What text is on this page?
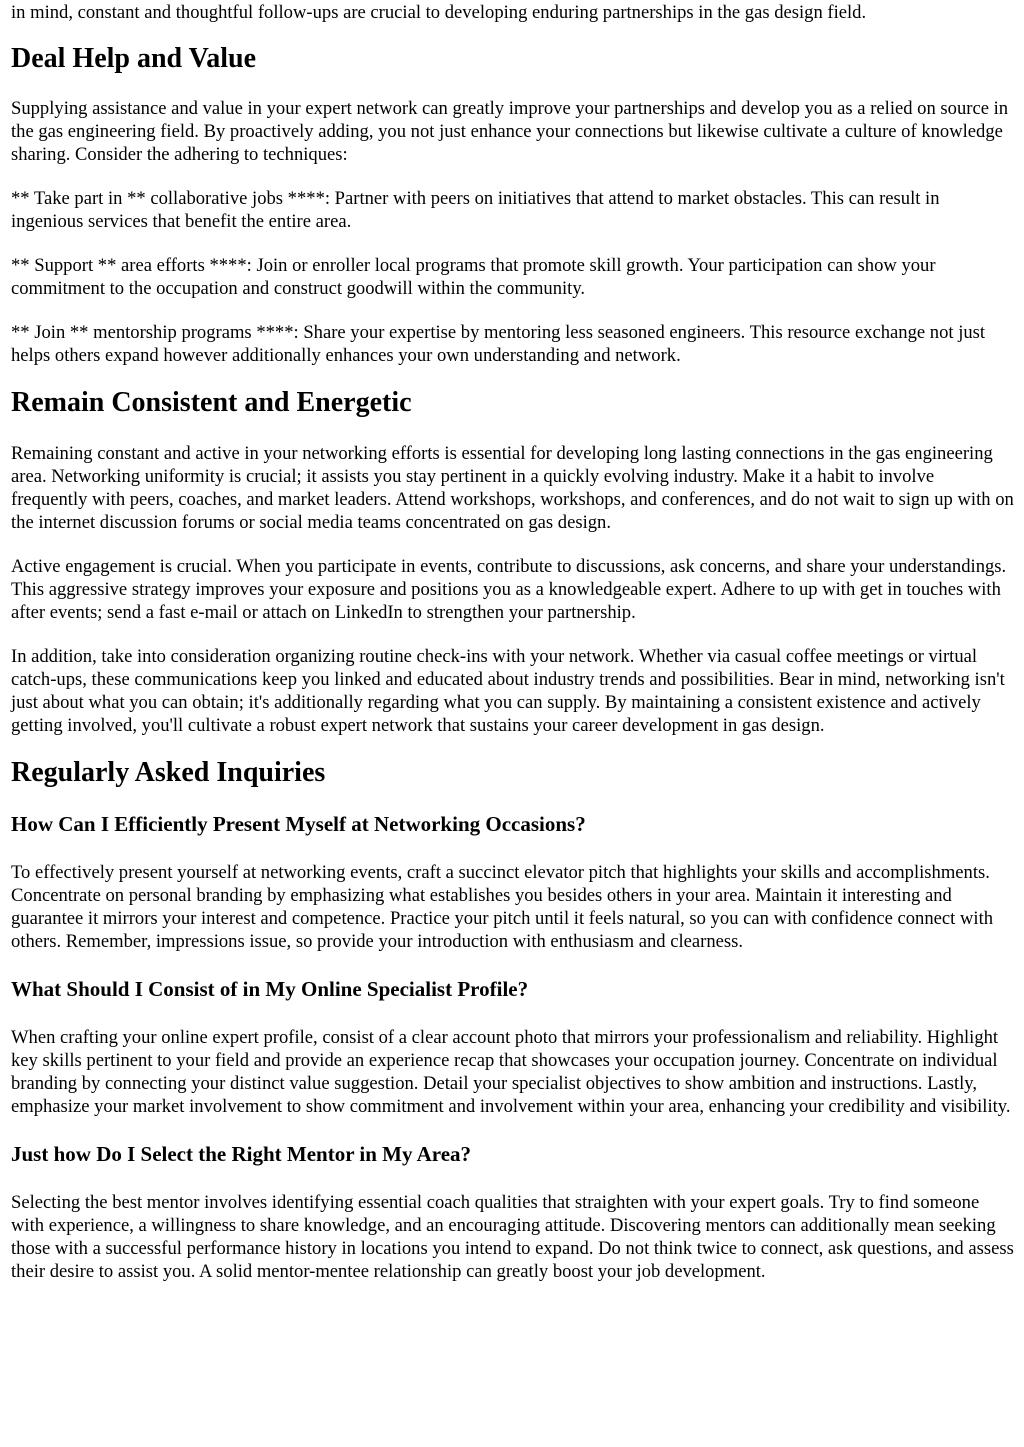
in mind, constant and thoughtful follow-ups are crucial to developing enduring partnerships in the gas design field.

Deal Help and Value

Supplying assistance and value in your expert network can greatly improve your partnerships and develop you as a relied on source in the gas engineering field. By proactively adding, you not just enhance your connections but likewise cultivate a culture of knowledge sharing. Consider the adhering to techniques:

** Take part in ** collaborative jobs ****: Partner with peers on initiatives that attend to market obstacles. This can result in ingenious services that benefit the entire area.

** Support ** area efforts ****: Join or enroller local programs that promote skill growth. Your participation can show your commitment to the occupation and construct goodwill within the community.

** Join ** mentorship programs ****: Share your expertise by mentoring less seasoned engineers. This resource exchange not just helps others expand however additionally enhances your own understanding and network.

Remain Consistent and Energetic

Remaining constant and active in your networking efforts is essential for developing long lasting connections in the gas engineering area. Networking uniformity is crucial; it assists you stay pertinent in a quickly evolving industry. Make it a habit to involve frequently with peers, coaches, and market leaders. Attend workshops, workshops, and conferences, and do not wait to sign up with on the internet discussion forums or social media teams concentrated on gas design.

Active engagement is crucial. When you participate in events, contribute to discussions, ask concerns, and share your understandings. This aggressive strategy improves your exposure and positions you as a knowledgeable expert. Adhere to up with get in touches with after events; send a fast e-mail or attach on LinkedIn to strengthen your partnership.

In addition, take into consideration organizing routine check-ins with your network. Whether via casual coffee meetings or virtual catch-ups, these communications keep you linked and educated about industry trends and possibilities. Bear in mind, networking isn't just about what you can obtain; it's additionally regarding what you can supply. By maintaining a consistent existence and actively getting involved, you'll cultivate a robust expert network that sustains your career development in gas design.

Regularly Asked Inquiries
How Can I Efficiently Present Myself at Networking Occasions?

To effectively present yourself at networking events, craft a succinct elevator pitch that highlights your skills and accomplishments. Concentrate on personal branding by emphasizing what establishes you besides others in your area. Maintain it interesting and guarantee it mirrors your interest and competence. Practice your pitch until it feels natural, so you can with confidence connect with others. Remember, impressions issue, so provide your introduction with enthusiasm and clearness.

What Should I Consist of in My Online Specialist Profile?

When crafting your online expert profile, consist of a clear account photo that mirrors your professionalism and reliability. Highlight key skills pertinent to your field and provide an experience recap that showcases your occupation journey. Concentrate on individual branding by connecting your distinct value suggestion. Detail your specialist objectives to show ambition and instructions. Lastly, emphasize your market involvement to show commitment and involvement within your area, enhancing your credibility and visibility.

Just how Do I Select the Right Mentor in My Area?

Selecting the best mentor involves identifying essential coach qualities that straighten with your expert goals. Try to find someone with experience, a willingness to share knowledge, and an encouraging attitude. Discovering mentors can additionally mean seeking those with a successful performance history in locations you intend to expand. Do not think twice to connect, ask questions, and assess their desire to assist you. A solid mentor-mentee relationship can greatly boost your job development.
